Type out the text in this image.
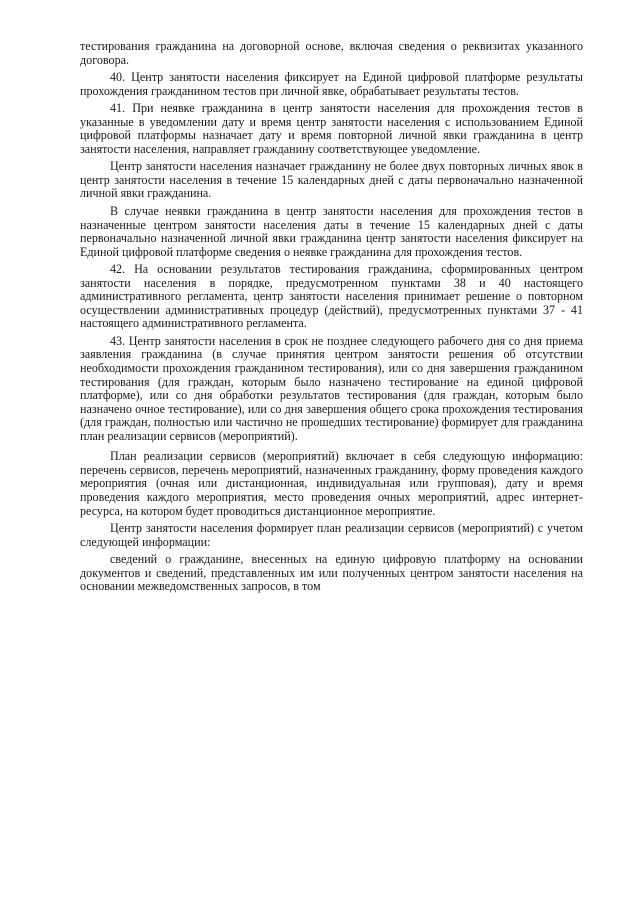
тестирования гражданина на договорной основе, включая сведения о реквизитах указанного договора.

40. Центр занятости населения фиксирует на Единой цифровой платформе результаты прохождения гражданином тестов при личной явке, обрабатывает результаты тестов.

41. При неявке гражданина в центр занятости населения для прохождения тестов в указанные в уведомлении дату и время центр занятости населения с использованием Единой цифровой платформы назначает дату и время повторной личной явки гражданина в центр занятости населения, направляет гражданину соответствующее уведомление.

Центр занятости населения назначает гражданину не более двух повторных личных явок в центр занятости населения в течение 15 календарных дней с даты первоначально назначенной личной явки гражданина.

В случае неявки гражданина в центр занятости населения для прохождения тестов в назначенные центром занятости населения даты в течение 15 календарных дней с даты первоначально назначенной личной явки гражданина центр занятости населения фиксирует на Единой цифровой платформе сведения о неявке гражданина для прохождения тестов.

42. На основании результатов тестирования гражданина, сформированных центром занятости населения в порядке, предусмотренном пунктами 38 и 40 настоящего административного регламента, центр занятости населения принимает решение о повторном осуществлении административных процедур (действий), предусмотренных пунктами 37 - 41 настоящего административного регламента.

43. Центр занятости населения в срок не позднее следующего рабочего дня со дня приема заявления гражданина (в случае принятия центром занятости решения об отсутствии необходимости прохождения гражданином тестирования), или со дня завершения гражданином тестирования (для граждан, которым было назначено тестирование на единой цифровой платформе), или со дня обработки результатов тестирования (для граждан, которым было назначено очное тестирование), или со дня завершения общего срока прохождения тестирования (для граждан, полностью или частично не прошедших тестирование) формирует для гражданина план реализации сервисов (мероприятий).

План реализации сервисов (мероприятий) включает в себя следующую информацию: перечень сервисов, перечень мероприятий, назначенных гражданину, форму проведения каждого мероприятия (очная или дистанционная, индивидуальная или групповая), дату и время проведения каждого мероприятия, место проведения очных мероприятий, адрес интернет-ресурса, на котором будет проводиться дистанционное мероприятие.

Центр занятости населения формирует план реализации сервисов (мероприятий) с учетом следующей информации:

сведений о гражданине, внесенных на единую цифровую платформу на основании документов и сведений, представленных им или полученных центром занятости населения на основании межведомственных запросов, в том
